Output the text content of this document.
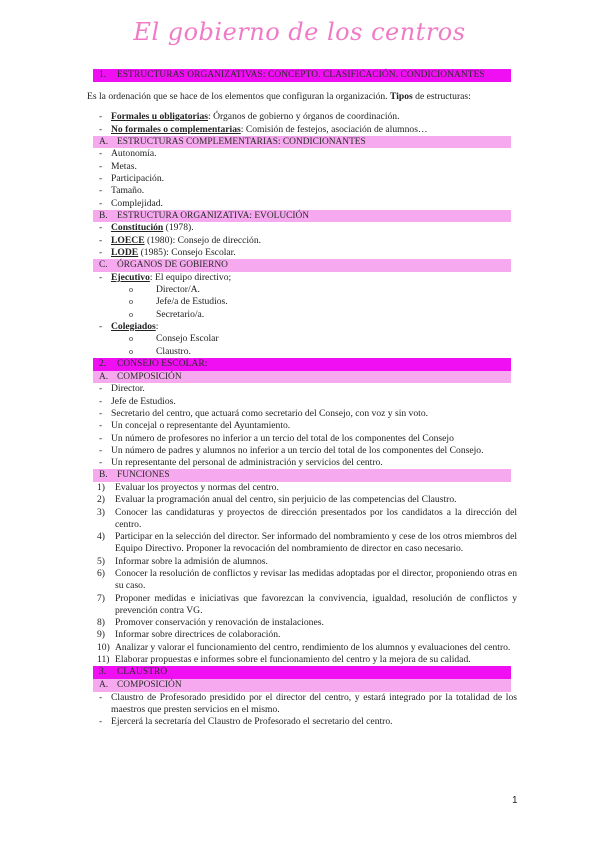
El gobierno de los centros
1.	ESTRUCTURAS ORGANIZATIVAS: CONCEPTO. CLASIFICACIÓN. CONDICIONANTES
Es la ordenación que se hace de los elementos que configuran la organización. Tipos de estructuras:
- Formales u obligatorias: Órganos de gobierno y órganos de coordinación.
- No formales o complementarias: Comisión de festejos, asociación de alumnos…
A. ESTRUCTURAS COMPLEMENTARIAS: CONDICIONANTES
- Autonomía.
- Metas.
- Participación.
- Tamaño.
- Complejidad.
B. ESTRUCTURA ORGANIZATIVA: EVOLUCIÓN
- Constitución (1978).
- LOECE (1980): Consejo de dirección.
- LODE (1985): Consejo Escolar.
C. ÓRGANOS DE GOBIERNO
- Ejecutivo: El equipo directivo;
o	Director/A.
o	Jefe/a de Estudios.
o	Secretario/a.
- Colegiados:
o	Consejo Escolar
o	Claustro.
2.	CONSEJO ESCOLAR:
A. COMPOSICIÓN
- Director.
- Jefe de Estudios.
- Secretario del centro, que actuará como secretario del Consejo, con voz y sin voto.
- Un concejal o representante del Ayuntamiento.
- Un número de profesores no inferior a un tercio del total de los componentes del Consejo
- Un número de padres y alumnos no inferior a un tercio del total de los componentes del Consejo.
- Un representante del personal de administración y servicios del centro.
B. FUNCIONES
1)	Evaluar los proyectos y normas del centro.
2)	Evaluar la programación anual del centro, sin perjuicio de las competencias del Claustro.
3)	Conocer las candidaturas y proyectos de dirección presentados por los candidatos a la dirección del centro.
4)	Participar en la selección del director. Ser informado del nombramiento y cese de los otros miembros del Equipo Directivo. Proponer la revocación del nombramiento de director en caso necesario.
5)	Informar sobre la admisión de alumnos.
6)	Conocer la resolución de conflictos y revisar las medidas adoptadas por el director, proponiendo otras en su caso.
7)	Proponer medidas e iniciativas que favorezcan la convivencia, igualdad, resolución de conflictos y prevención contra VG.
8)	Promover conservación y renovación de instalaciones.
9)	Informar sobre directrices de colaboración.
10) Analizar y valorar el funcionamiento del centro, rendimiento de los alumnos y evaluaciones del centro.
11) Elaborar propuestas e informes sobre el funcionamiento del centro y la mejora de su calidad.
3.	CLAUSTRO
A. COMPOSICIÓN
- Claustro de Profesorado presidido por el director del centro, y estará integrado por la totalidad de los maestros que presten servicios en el mismo.
- Ejercerá la secretaría del Claustro de Profesorado el secretario del centro.
1
